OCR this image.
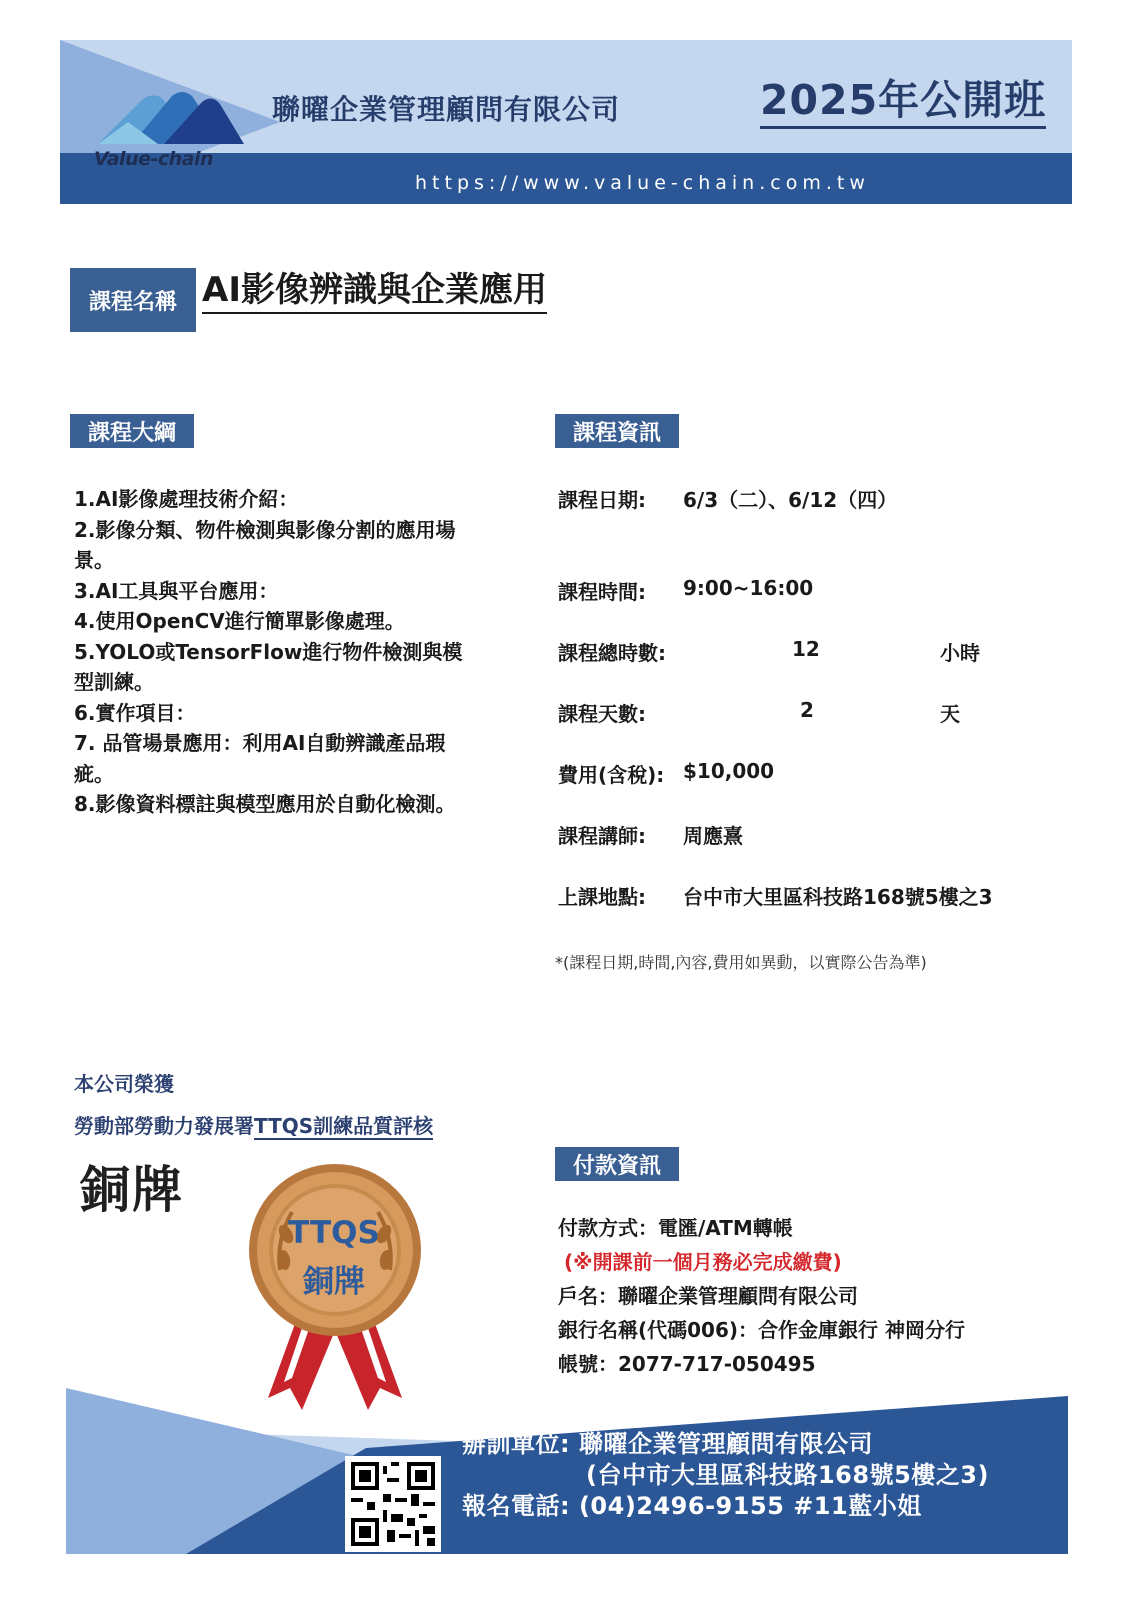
Value-chain
聯曜企業管理顧問有限公司	2025年公開班
https://www.value-chain.com.tw
課程名稱 AI影像辨識與企業應用
課程大綱	課程資訊
1.AI影像處理技術介紹：
2.影像分類、物件檢測與影像分割的應用場
景。
3.AI工具與平台應用：
4.使用OpenCV進行簡單影像處理。
5.YOLO或TensorFlow進行物件檢測與模
型訓練。
6.實作項目：
7. 品管場景應用：利用AI自動辨識產品瑕
疵。
8.影像資料標註與模型應用於自動化檢測。
課程日期: 6/3（二）、6/12（四）
課程時間: 9:00~16:00
課程總時數:	12	小時
課程天數:	2	天
費用(含稅): $10,000
課程講師: 周應熹
上課地點: 台中市大里區科技路168號5樓之3
*(課程日期,時間,內容,費用如異動，以實際公告為準)
本公司榮獲
勞動部勞動力發展署TTQS訓練品質評核
銅牌
TTQS
銅牌
付款資訊
付款方式：電匯/ATM轉帳
(※開課前一個月務必完成繳費)
戶名：聯曜企業管理顧問有限公司
銀行名稱(代碼006)：合作金庫銀行 神岡分行
帳號：2077-717-050495
辦訓單位: 聯曜企業管理顧問有限公司
(台中市大里區科技路168號5樓之3)
報名電話: (04)2496-9155 #11藍小姐
